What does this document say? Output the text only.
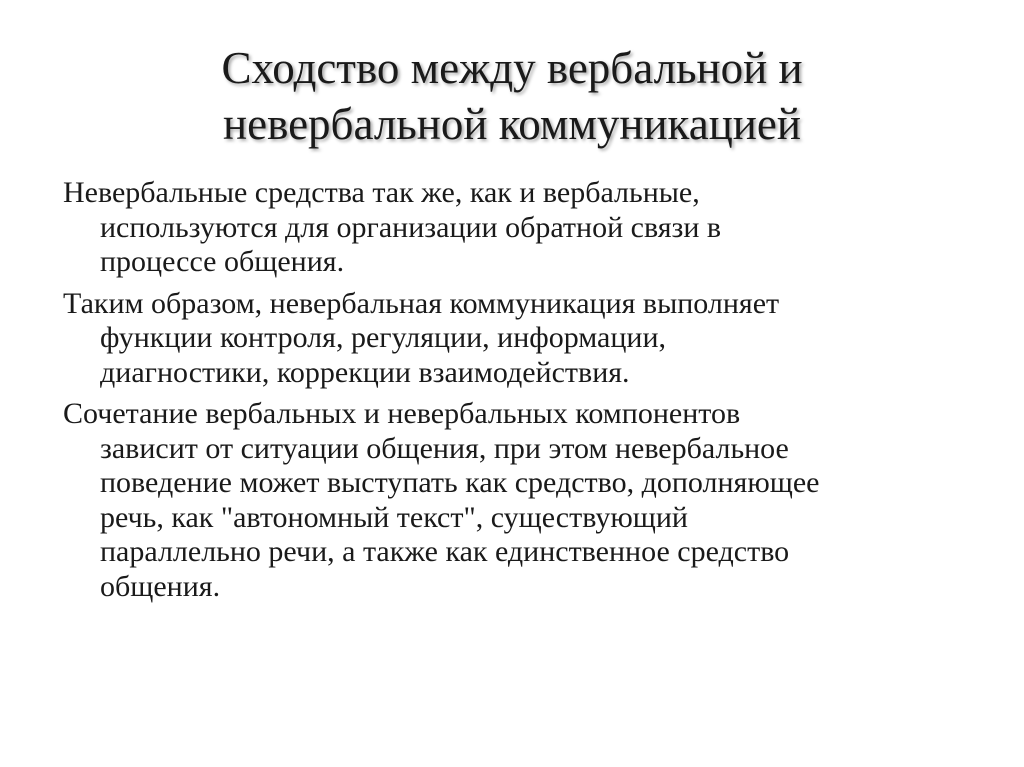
Сходство между вербальной и
невербальной коммуникацией
Невербальные средства так же, как и вербальные,
используются для организации обратной связи в
процессе общения.
Таким образом, невербальная коммуникация выполняет
функции контроля, регуляции, информации,
диагностики, коррекции взаимодействия.
Сочетание вербальных и невербальных компонентов
зависит от ситуации общения, при этом невербальное
поведение может выступать как средство, дополняющее
речь, как "автономный текст", существующий
параллельно речи, а также как единственное средство
общения.
